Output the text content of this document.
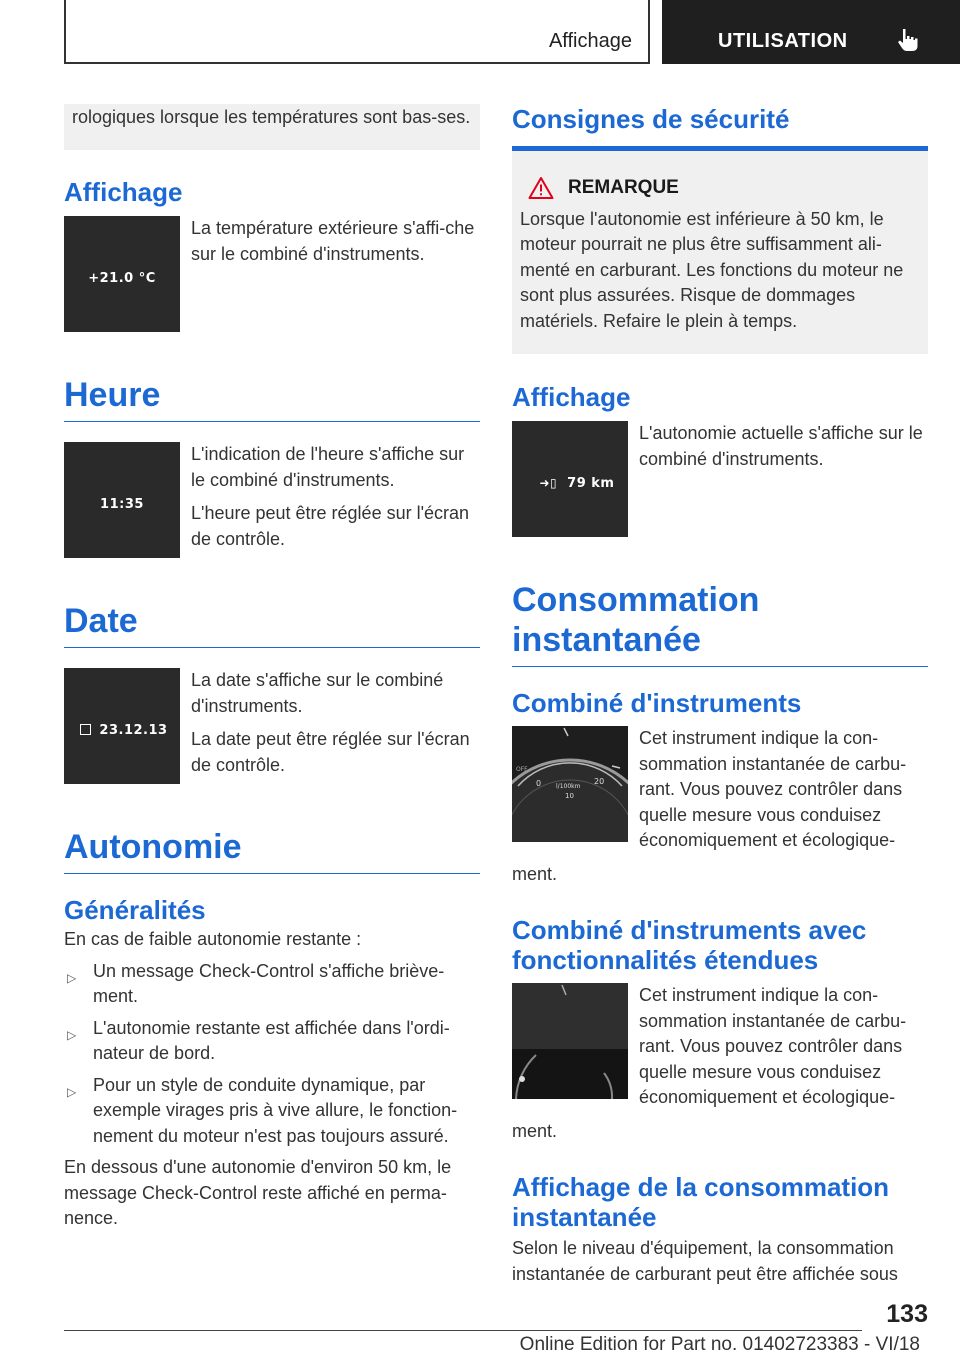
Affichage	UTILISATION

rologiques lorsque les températures sont bas-ses.

Affichage
+21.0 °C

La température extérieure s'affi-che sur le combiné d'instruments.

Heure
11:35

L'indication de l'heure s'affiche sur le combiné d'instruments.

L'heure peut être réglée sur l'écran de contrôle.

Date
23.12.13

La date s'affiche sur le combiné d'instruments.

La date peut être réglée sur l'écran de contrôle.

Autonomie
Généralités

En cas de faible autonomie restante :

▷ Un message Check-Control s'affiche briève-ment.
▷ L'autonomie restante est affichée dans l'ordi-nateur de bord.
▷ Pour un style de conduite dynamique, par exemple virages pris à vive allure, le fonction-nement du moteur n'est pas toujours assuré.

En dessous d'une autonomie d'environ 50 km, le message Check-Control reste affiché en perma-nence.

Consignes de sécurité
REMARQUE

Lorsque l'autonomie est inférieure à 50 km, le moteur pourrait ne plus être suffisamment ali-menté en carburant. Les fonctions du moteur ne sont plus assurées. Risque de dommages matériels. Refaire le plein à temps.

Affichage
➜▯ 79 km

L'autonomie actuelle s'affiche sur le combiné d'instruments.

Consommation instantanée
Combiné d'instruments
OFF
0 l/100km
20
10

Cet instrument indique la con-sommation instantanée de carbu-rant. Vous pouvez contrôler dans quelle mesure vous conduisez économiquement et écologique-

ment.

Combiné d'instruments avec fonctionnalités étendues

Cet instrument indique la con-sommation instantanée de carbu-rant. Vous pouvez contrôler dans quelle mesure vous conduisez économiquement et écologique-

ment.

Affichage de la consommation instantanée

Selon le niveau d'équipement, la consommation instantanée de carburant peut être affichée sous

133
Online Edition for Part no. 01402723383 - VI/18
